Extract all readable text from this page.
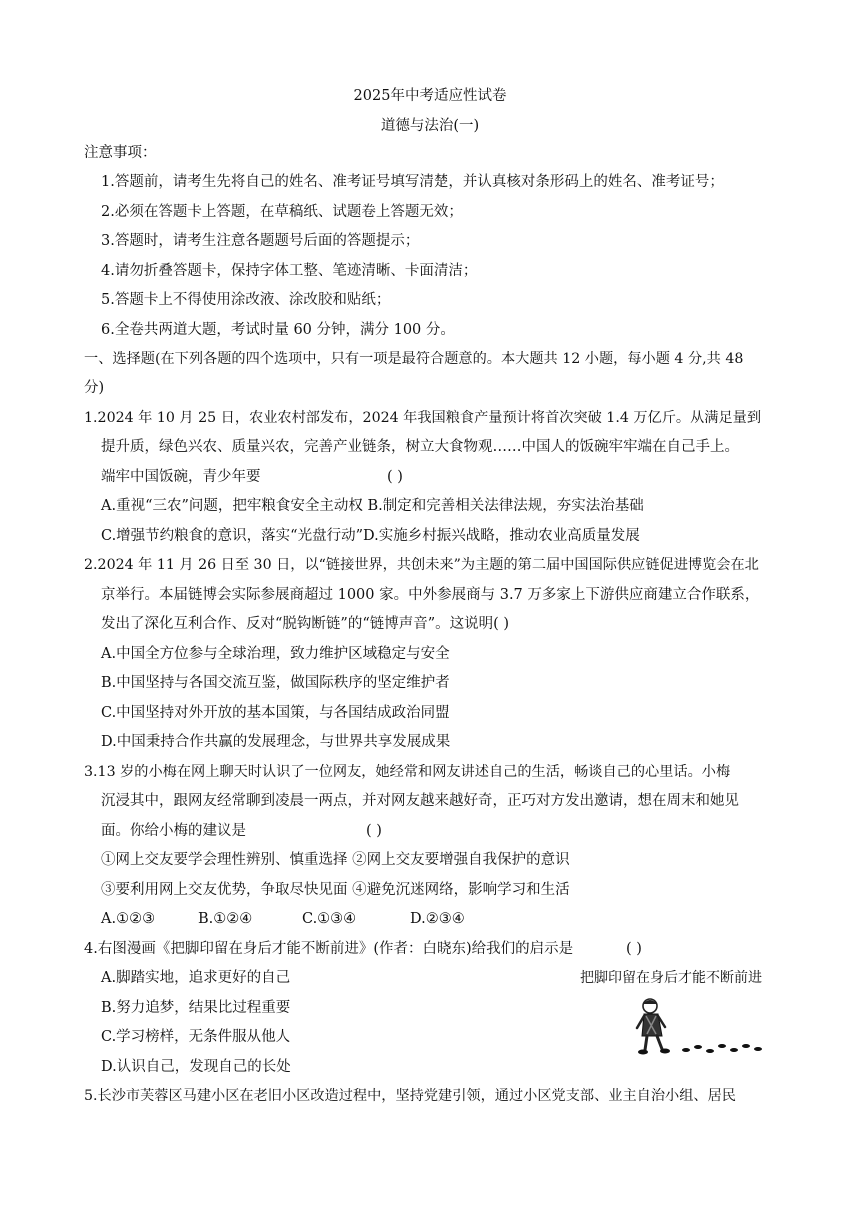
2025年中考适应性试卷
道德与法治(一)
注意事项：
1.答题前，请考生先将自己的姓名、准考证号填写清楚，并认真核对条形码上的姓名、准考证号；
2.必须在答题卡上答题，在草稿纸、试题卷上答题无效；
3.答题时，请考生注意各题题号后面的答题提示；
4.请勿折叠答题卡，保持字体工整、笔迹清晰、卡面清洁；
5.答题卡上不得使用涂改液、涂改胶和贴纸；
6.全卷共两道大题，考试时量 60 分钟，满分 100 分。
一、选择题(在下列各题的四个选项中，只有一项是最符合题意的。本大题共 12 小题，每小题 4 分,共 48
分)
1.2024 年 10 月 25 日，农业农村部发布，2024 年我国粮食产量预计将首次突破 1.4 万亿斤。从满足量到
提升质，绿色兴农、质量兴农，完善产业链条，树立大食物观……中国人的饭碗牢牢端在自己手上。
端牢中国饭碗，青少年要	( )
A.重视“三农”问题，把牢粮食安全主动权 B.制定和完善相关法律法规，夯实法治基础
C.增强节约粮食的意识，落实“光盘行动”D.实施乡村振兴战略，推动农业高质量发展
2.2024 年 11 月 26 日至 30 日，以“链接世界，共创未来”为主题的第二届中国国际供应链促进博览会在北
京举行。本届链博会实际参展商超过 1000 家。中外参展商与 3.7 万多家上下游供应商建立合作联系，
发出了深化互利合作、反对“脱钩断链”的“链博声音”。这说明( )
A.中国全方位参与全球治理，致力维护区域稳定与安全
B.中国坚持与各国交流互鉴，做国际秩序的坚定维护者
C.中国坚持对外开放的基本国策，与各国结成政治同盟
D.中国秉持合作共赢的发展理念，与世界共享发展成果
3.13 岁的小梅在网上聊天时认识了一位网友，她经常和网友讲述自己的生活，畅谈自己的心里话。小梅
沉浸其中，跟网友经常聊到凌晨一两点，并对网友越来越好奇，正巧对方发出邀请，想在周末和她见
面。你给小梅的建议是	( )
①网上交友要学会理性辨别、慎重选择 ②网上交友要增强自我保护的意识
③要利用网上交友优势，争取尽快见面 ④避免沉迷网络，影响学习和生活
A.①②③	B.①②④	C.①③④	D.②③④
4.右图漫画《把脚印留在身后才能不断前进》(作者：白晓东)给我们的启示是	( )
A.脚踏实地，追求更好的自己
B.努力追梦，结果比过程重要
C.学习榜样，无条件服从他人
D.认识自己，发现自己的长处
把脚印留在身后才能不断前进
5.长沙市芙蓉区马建小区在老旧小区改造过程中，坚持党建引领，通过小区党支部、业主自治小组、居民
